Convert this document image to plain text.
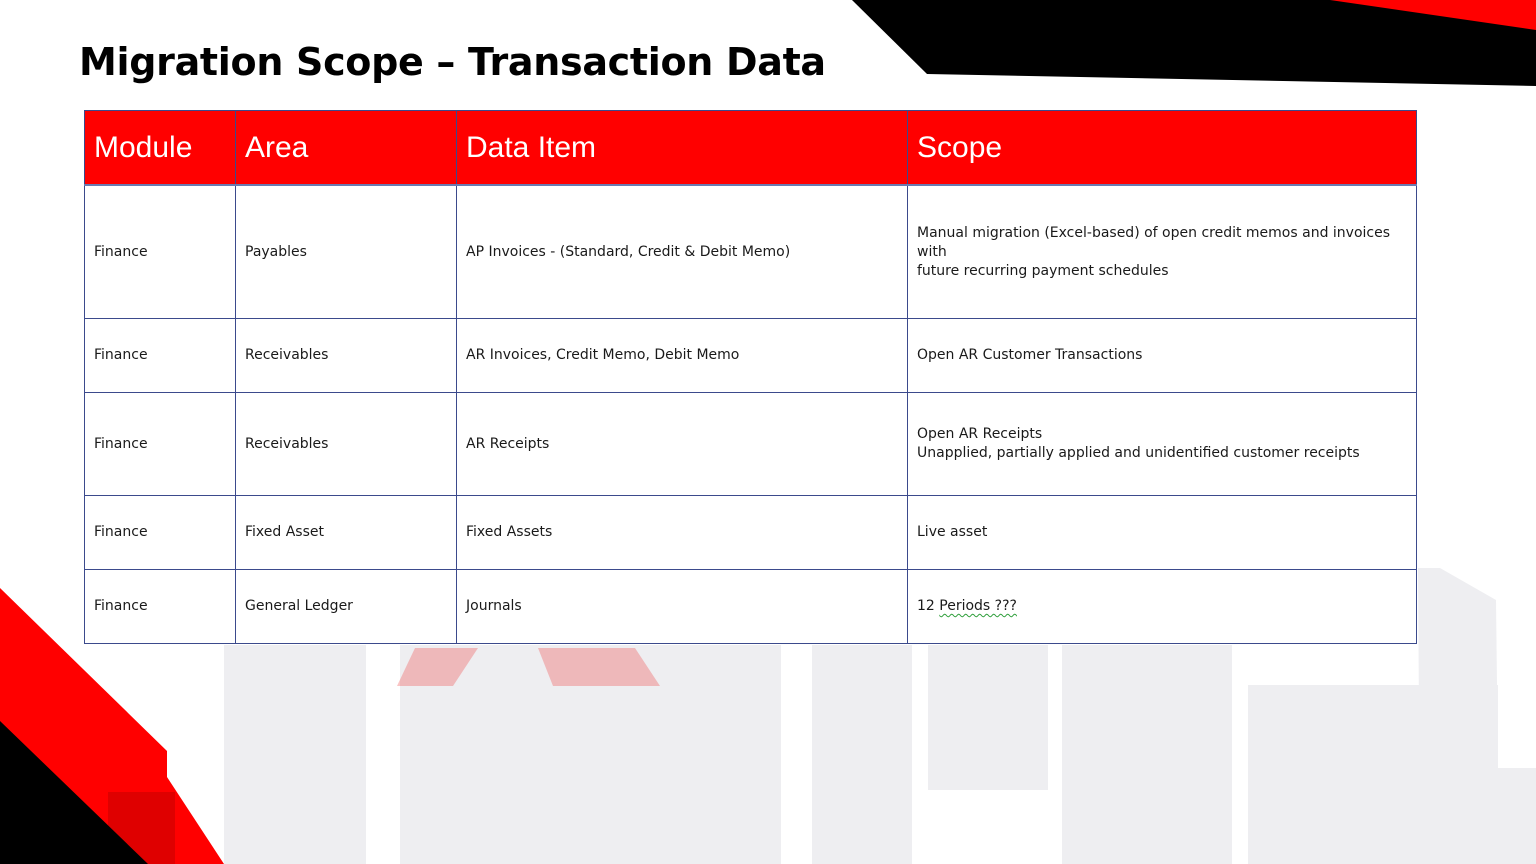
Migration Scope – Transaction Data
Module	Area	Data Item	Scope
Finance	Payables	AP Invoices - (Standard, Credit & Debit Memo)	Manual migration (Excel-based) of open credit memos and invoices with
future recurring payment schedules
Finance	Receivables	AR Invoices, Credit Memo, Debit Memo	Open AR Customer Transactions
Finance	Receivables	AR Receipts	Open AR Receipts
Unapplied, partially applied and unidentified customer receipts
Finance	Fixed Asset	Fixed Assets	Live asset
Finance	General Ledger	Journals	12 Periods ???
